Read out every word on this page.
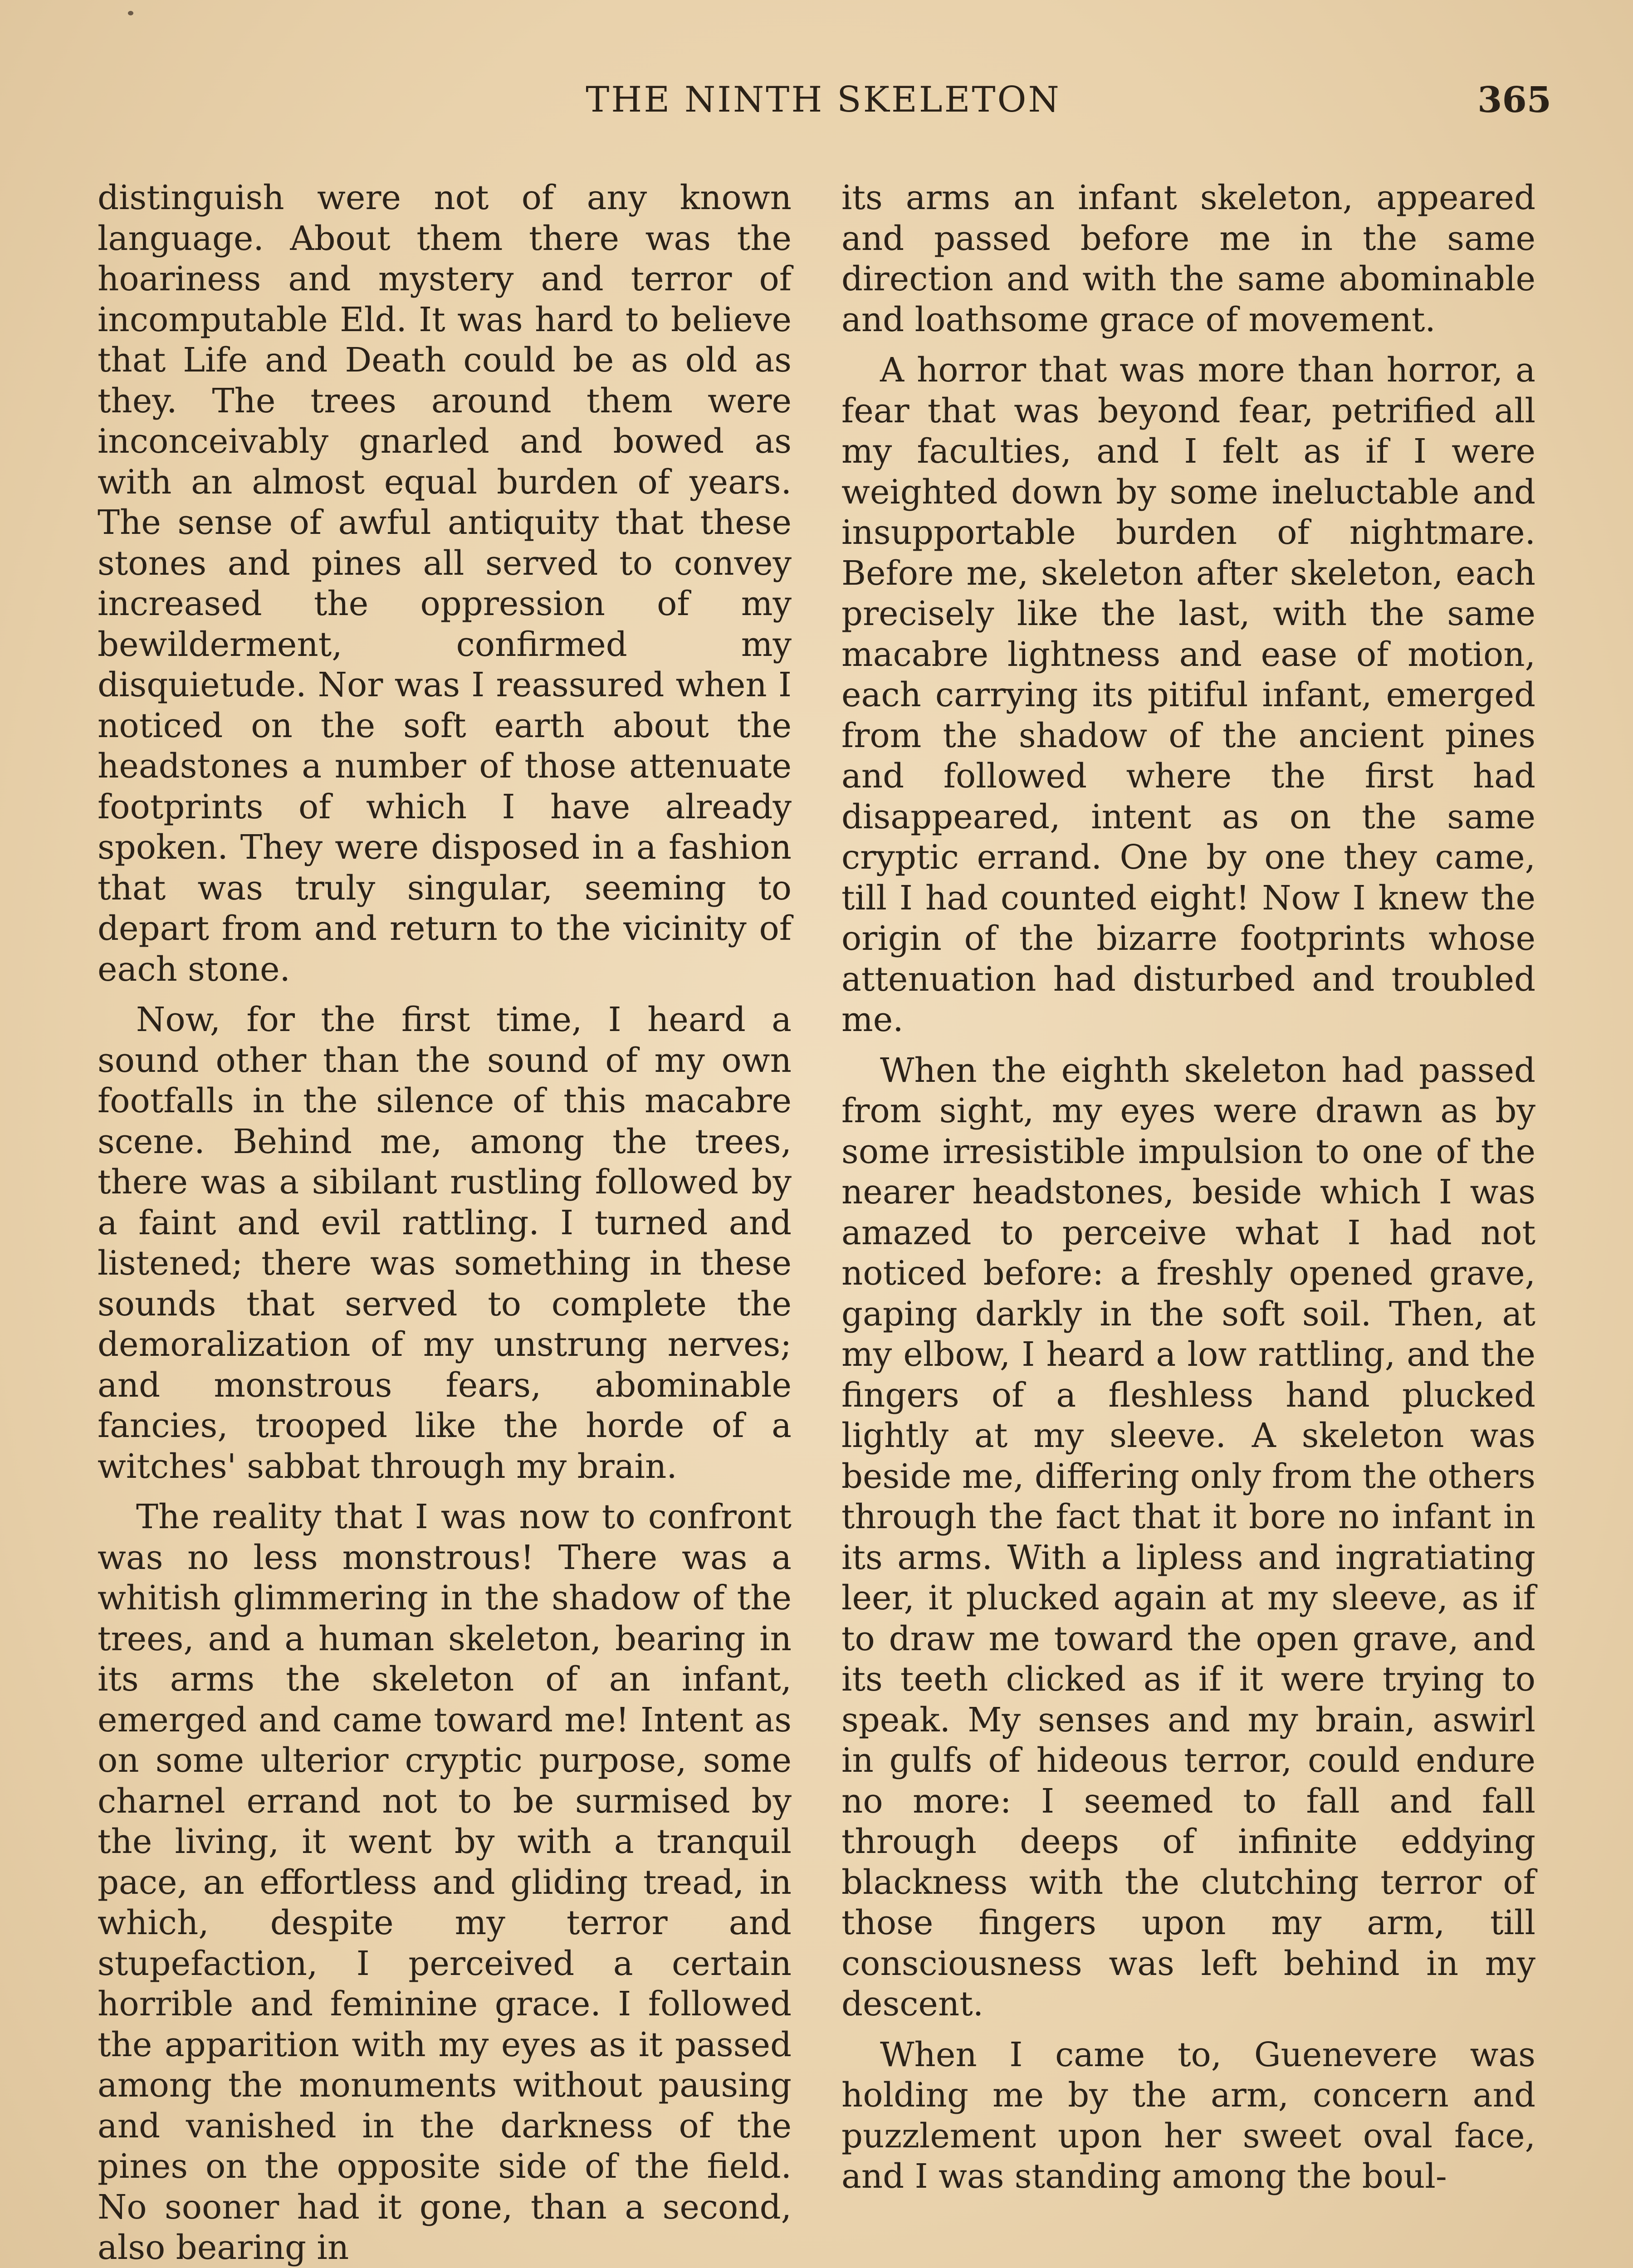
THE NINTH SKELETON	365

distinguish were not of any known language. About them there was the hoariness and mystery and terror of incomputable Eld. It was hard to believe that Life and Death could be as old as they. The trees around them were inconceivably gnarled and bowed as with an almost equal burden of years. The sense of awful antiquity that these stones and pines all served to convey increased the oppression of my bewilderment, confirmed my disquietude. Nor was I reassured when I noticed on the soft earth about the headstones a number of those attenuate footprints of which I have already spoken. They were disposed in a fashion that was truly singular, seeming to depart from and return to the vicinity of each stone.

Now, for the first time, I heard a sound other than the sound of my own footfalls in the silence of this macabre scene. Behind me, among the trees, there was a sibilant rustling followed by a faint and evil rattling. I turned and listened; there was something in these sounds that served to complete the demoralization of my unstrung nerves; and monstrous fears, abominable fancies, trooped like the horde of a witches' sabbat through my brain.

The reality that I was now to confront was no less monstrous! There was a whitish glimmering in the shadow of the trees, and a human skeleton, bearing in its arms the skeleton of an infant, emerged and came toward me! Intent as on some ulterior cryptic purpose, some charnel errand not to be surmised by the living, it went by with a tranquil pace, an effortless and gliding tread, in which, despite my terror and stupefaction, I perceived a certain horrible and feminine grace. I followed the apparition with my eyes as it passed among the monuments without pausing and vanished in the darkness of the pines on the opposite side of the field. No sooner had it gone, than a second, also bearing in

its arms an infant skeleton, appeared and passed before me in the same direction and with the same abominable and loathsome grace of movement.

A horror that was more than horror, a fear that was beyond fear, petrified all my faculties, and I felt as if I were weighted down by some ineluctable and insupportable burden of nightmare. Before me, skeleton after skeleton, each precisely like the last, with the same macabre lightness and ease of motion, each carrying its pitiful infant, emerged from the shadow of the ancient pines and followed where the first had disappeared, intent as on the same cryptic errand. One by one they came, till I had counted eight! Now I knew the origin of the bizarre footprints whose attenuation had disturbed and troubled me.

When the eighth skeleton had passed from sight, my eyes were drawn as by some irresistible impulsion to one of the nearer headstones, beside which I was amazed to perceive what I had not noticed before: a freshly opened grave, gaping darkly in the soft soil. Then, at my elbow, I heard a low rattling, and the fingers of a fleshless hand plucked lightly at my sleeve. A skeleton was beside me, differing only from the others through the fact that it bore no infant in its arms. With a lipless and ingratiating leer, it plucked again at my sleeve, as if to draw me toward the open grave, and its teeth clicked as if it were trying to speak. My senses and my brain, aswirl in gulfs of hideous terror, could endure no more: I seemed to fall and fall through deeps of infinite eddying blackness with the clutching terror of those fingers upon my arm, till consciousness was left behind in my descent.

When I came to, Guenevere was holding me by the arm, concern and puzzlement upon her sweet oval face, and I was standing among the boul-
